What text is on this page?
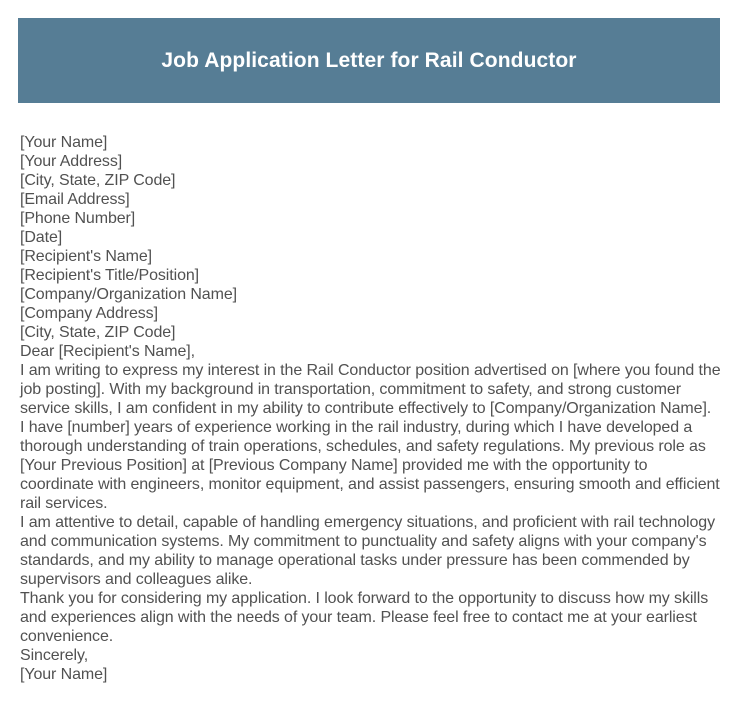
Job Application Letter for Rail Conductor

[Your Name]

[Your Address]

[City, State, ZIP Code]

[Email Address]

[Phone Number]

[Date]

[Recipient's Name]

[Recipient's Title/Position]

[Company/Organization Name]

[Company Address]

[City, State, ZIP Code]

Dear [Recipient's Name],

I am writing to express my interest in the Rail Conductor position advertised on [where you found the job posting]. With my background in transportation, commitment to safety, and strong customer service skills, I am confident in my ability to contribute effectively to [Company/Organization Name].

I have [number] years of experience working in the rail industry, during which I have developed a thorough understanding of train operations, schedules, and safety regulations. My previous role as [Your Previous Position] at [Previous Company Name] provided me with the opportunity to coordinate with engineers, monitor equipment, and assist passengers, ensuring smooth and efficient rail services.

I am attentive to detail, capable of handling emergency situations, and proficient with rail technology and communication systems. My commitment to punctuality and safety aligns with your company's standards, and my ability to manage operational tasks under pressure has been commended by supervisors and colleagues alike.

Thank you for considering my application. I look forward to the opportunity to discuss how my skills and experiences align with the needs of your team. Please feel free to contact me at your earliest convenience.

Sincerely,

[Your Name]
